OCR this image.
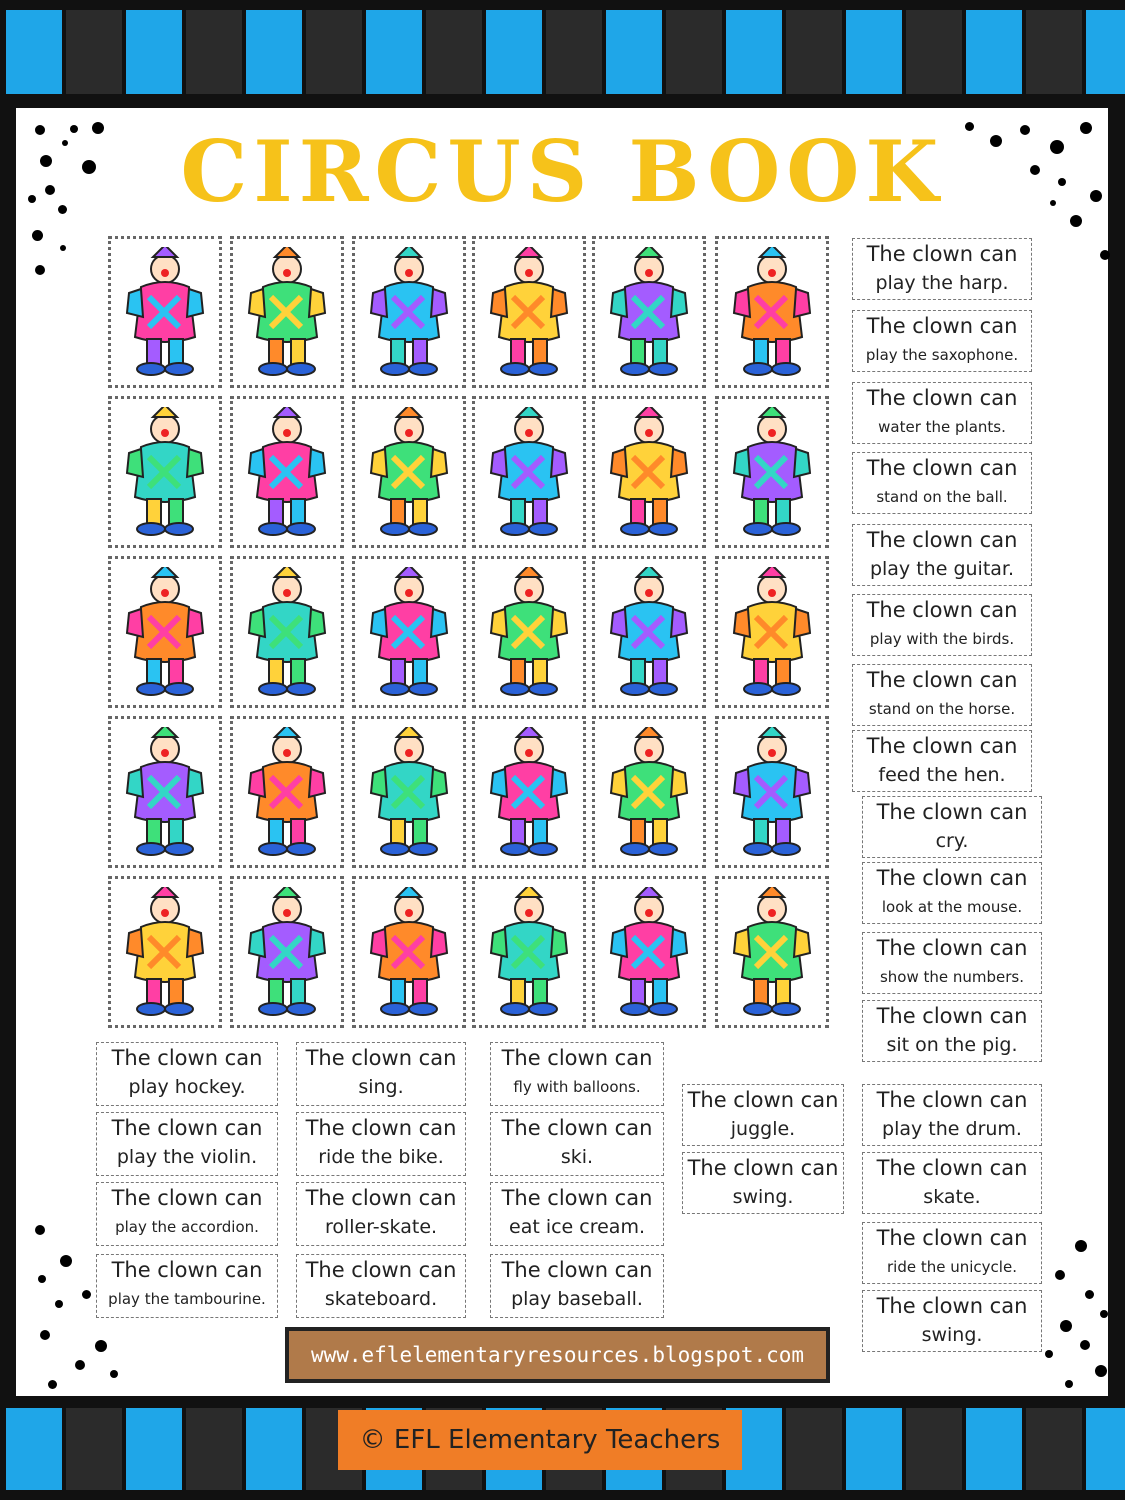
CIRCUS BOOK
The clown can
play the harp.
The clown can
play the saxophone.
The clown can
water the plants.
The clown can
stand on the ball.
The clown can
play the guitar.
The clown can
play with the birds.
The clown can
stand on the horse.
The clown can
feed the hen.
The clown can
cry.
The clown can
look at the mouse.
The clown can
show the numbers.
The clown can
sit on the pig.
The clown can
play the drum.
The clown can
skate.
The clown can
ride the unicycle.
The clown can
swing.
The clown can
play hockey.
The clown can
play the violin.
The clown can
play the accordion.
The clown can
play the tambourine.
The clown can
sing.
The clown can
ride the bike.
The clown can
roller-skate.
The clown can
skateboard.
The clown can
fly with balloons.
The clown can
ski.
The clown can
eat ice cream.
The clown can
play baseball.
The clown can
juggle.
The clown can
swing.
www.eflelementaryresources.blogspot.com
© EFL Elementary Teachers
